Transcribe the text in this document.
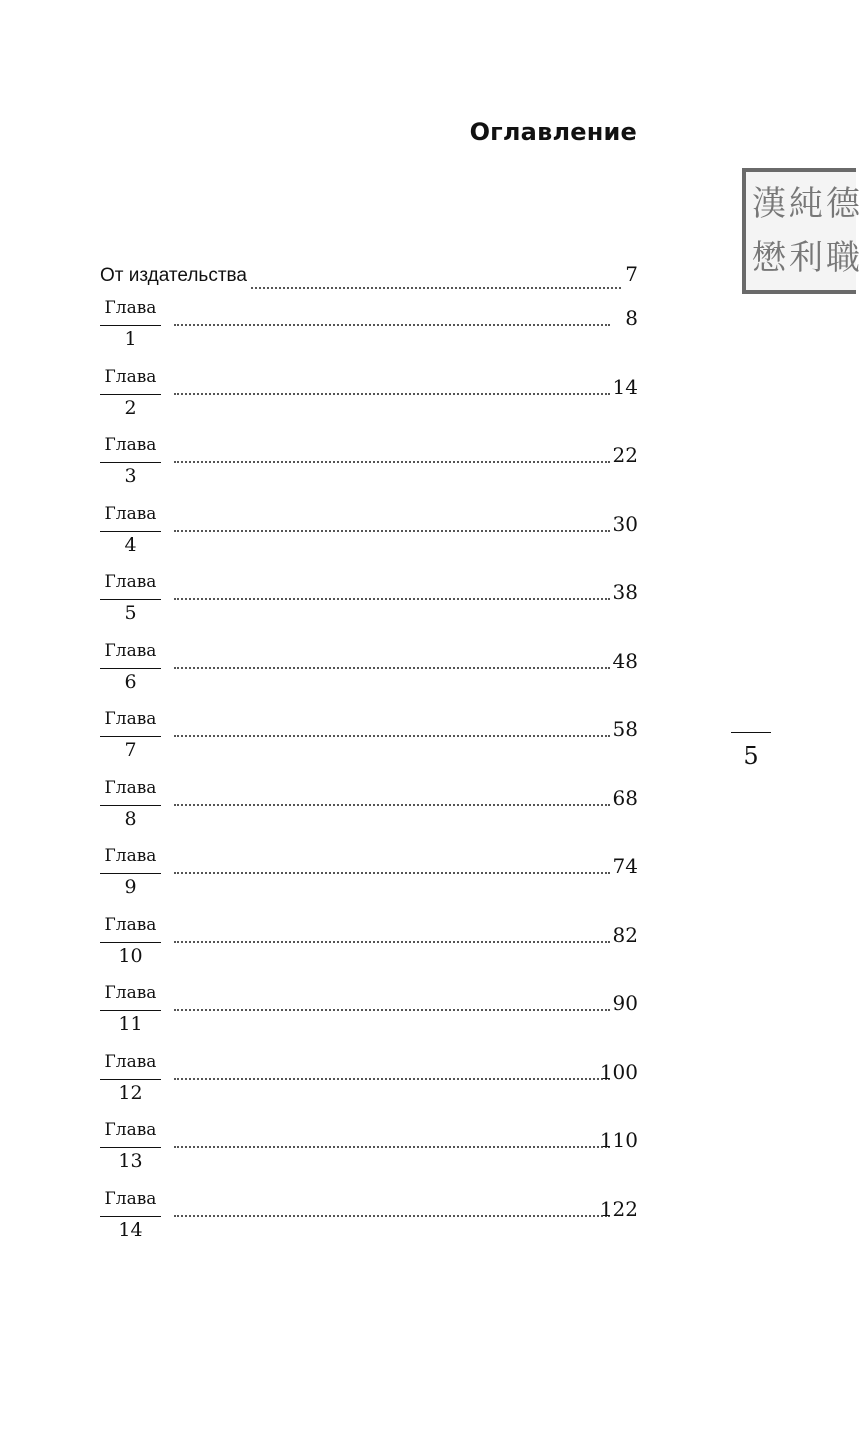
Оглавление
漢 純 德
懋 利 職
От издательства	7
Глава
1
8
Глава
2
14
Глава
3
22
Глава
4
30
Глава
5
38
Глава
6
48
Глава
7
58
Глава
8
68
Глава
9
74
Глава
10
82
Глава
11
90
Глава
12
100
Глава
13
110
Глава
14
122
5
